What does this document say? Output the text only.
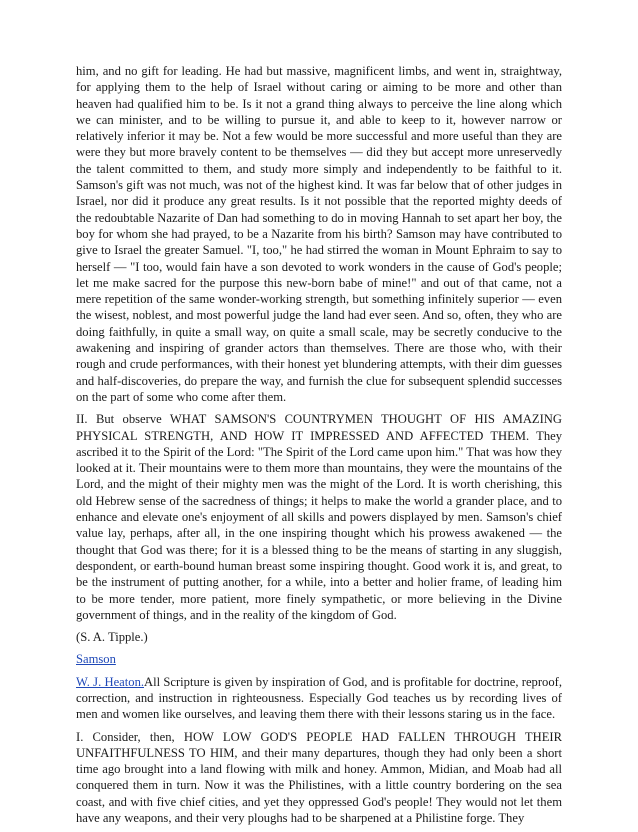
him, and no gift for leading. He had but massive, magnificent limbs, and went in, straightway, for applying them to the help of Israel without caring or aiming to be more and other than heaven had qualified him to be. Is it not a grand thing always to perceive the line along which we can minister, and to be willing to pursue it, and able to keep to it, however narrow or relatively inferior it may be. Not a few would be more successful and more useful than they are were they but more bravely content to be themselves — did they but accept more unreservedly the talent committed to them, and study more simply and independently to be faithful to it. Samson's gift was not much, was not of the highest kind. It was far below that of other judges in Israel, nor did it produce any great results. Is it not possible that the reported mighty deeds of the redoubtable Nazarite of Dan had something to do in moving Hannah to set apart her boy, the boy for whom she had prayed, to be a Nazarite from his birth? Samson may have contributed to give to Israel the greater Samuel. "I, too," he had stirred the woman in Mount Ephraim to say to herself — "I too, would fain have a son devoted to work wonders in the cause of God's people; let me make sacred for the purpose this new-born babe of mine!" and out of that came, not a mere repetition of the same wonder-working strength, but something infinitely superior — even the wisest, noblest, and most powerful judge the land had ever seen. And so, often, they who are doing faithfully, in quite a small way, on quite a small scale, may be secretly conducive to the awakening and inspiring of grander actors than themselves. There are those who, with their rough and crude performances, with their honest yet blundering attempts, with their dim guesses and half-discoveries, do prepare the way, and furnish the clue for subsequent splendid successes on the part of some who come after them.

II. But observe WHAT SAMSON'S COUNTRYMEN THOUGHT OF HIS AMAZING PHYSICAL STRENGTH, AND HOW IT IMPRESSED AND AFFECTED THEM. They ascribed it to the Spirit of the Lord: "The Spirit of the Lord came upon him." That was how they looked at it. Their mountains were to them more than mountains, they were the mountains of the Lord, and the might of their mighty men was the might of the Lord. It is worth cherishing, this old Hebrew sense of the sacredness of things; it helps to make the world a grander place, and to enhance and elevate one's enjoyment of all skills and powers displayed by men. Samson's chief value lay, perhaps, after all, in the one inspiring thought which his prowess awakened — the thought that God was there; for it is a blessed thing to be the means of starting in any sluggish, despondent, or earth-bound human breast some inspiring thought. Good work it is, and great, to be the instrument of putting another, for a while, into a better and holier frame, of leading him to be more tender, more patient, more finely sympathetic, or more believing in the Divine government of things, and in the reality of the kingdom of God.

(S. A. Tipple.)

Samson

W. J. Heaton.All Scripture is given by inspiration of God, and is profitable for doctrine, reproof, correction, and instruction in righteousness. Especially God teaches us by recording lives of men and women like ourselves, and leaving them there with their lessons staring us in the face.

I. Consider, then, HOW LOW GOD'S PEOPLE HAD FALLEN THROUGH THEIR UNFAITHFULNESS TO HIM, and their many departures, though they had only been a short time ago brought into a land flowing with milk and honey. Ammon, Midian, and Moab had all conquered them in turn. Now it was the Philistines, with a little country bordering on the sea coast, and with five chief cities, and yet they oppressed God's people! They would not let them have any weapons, and their very ploughs had to be sharpened at a Philistine forge. They
